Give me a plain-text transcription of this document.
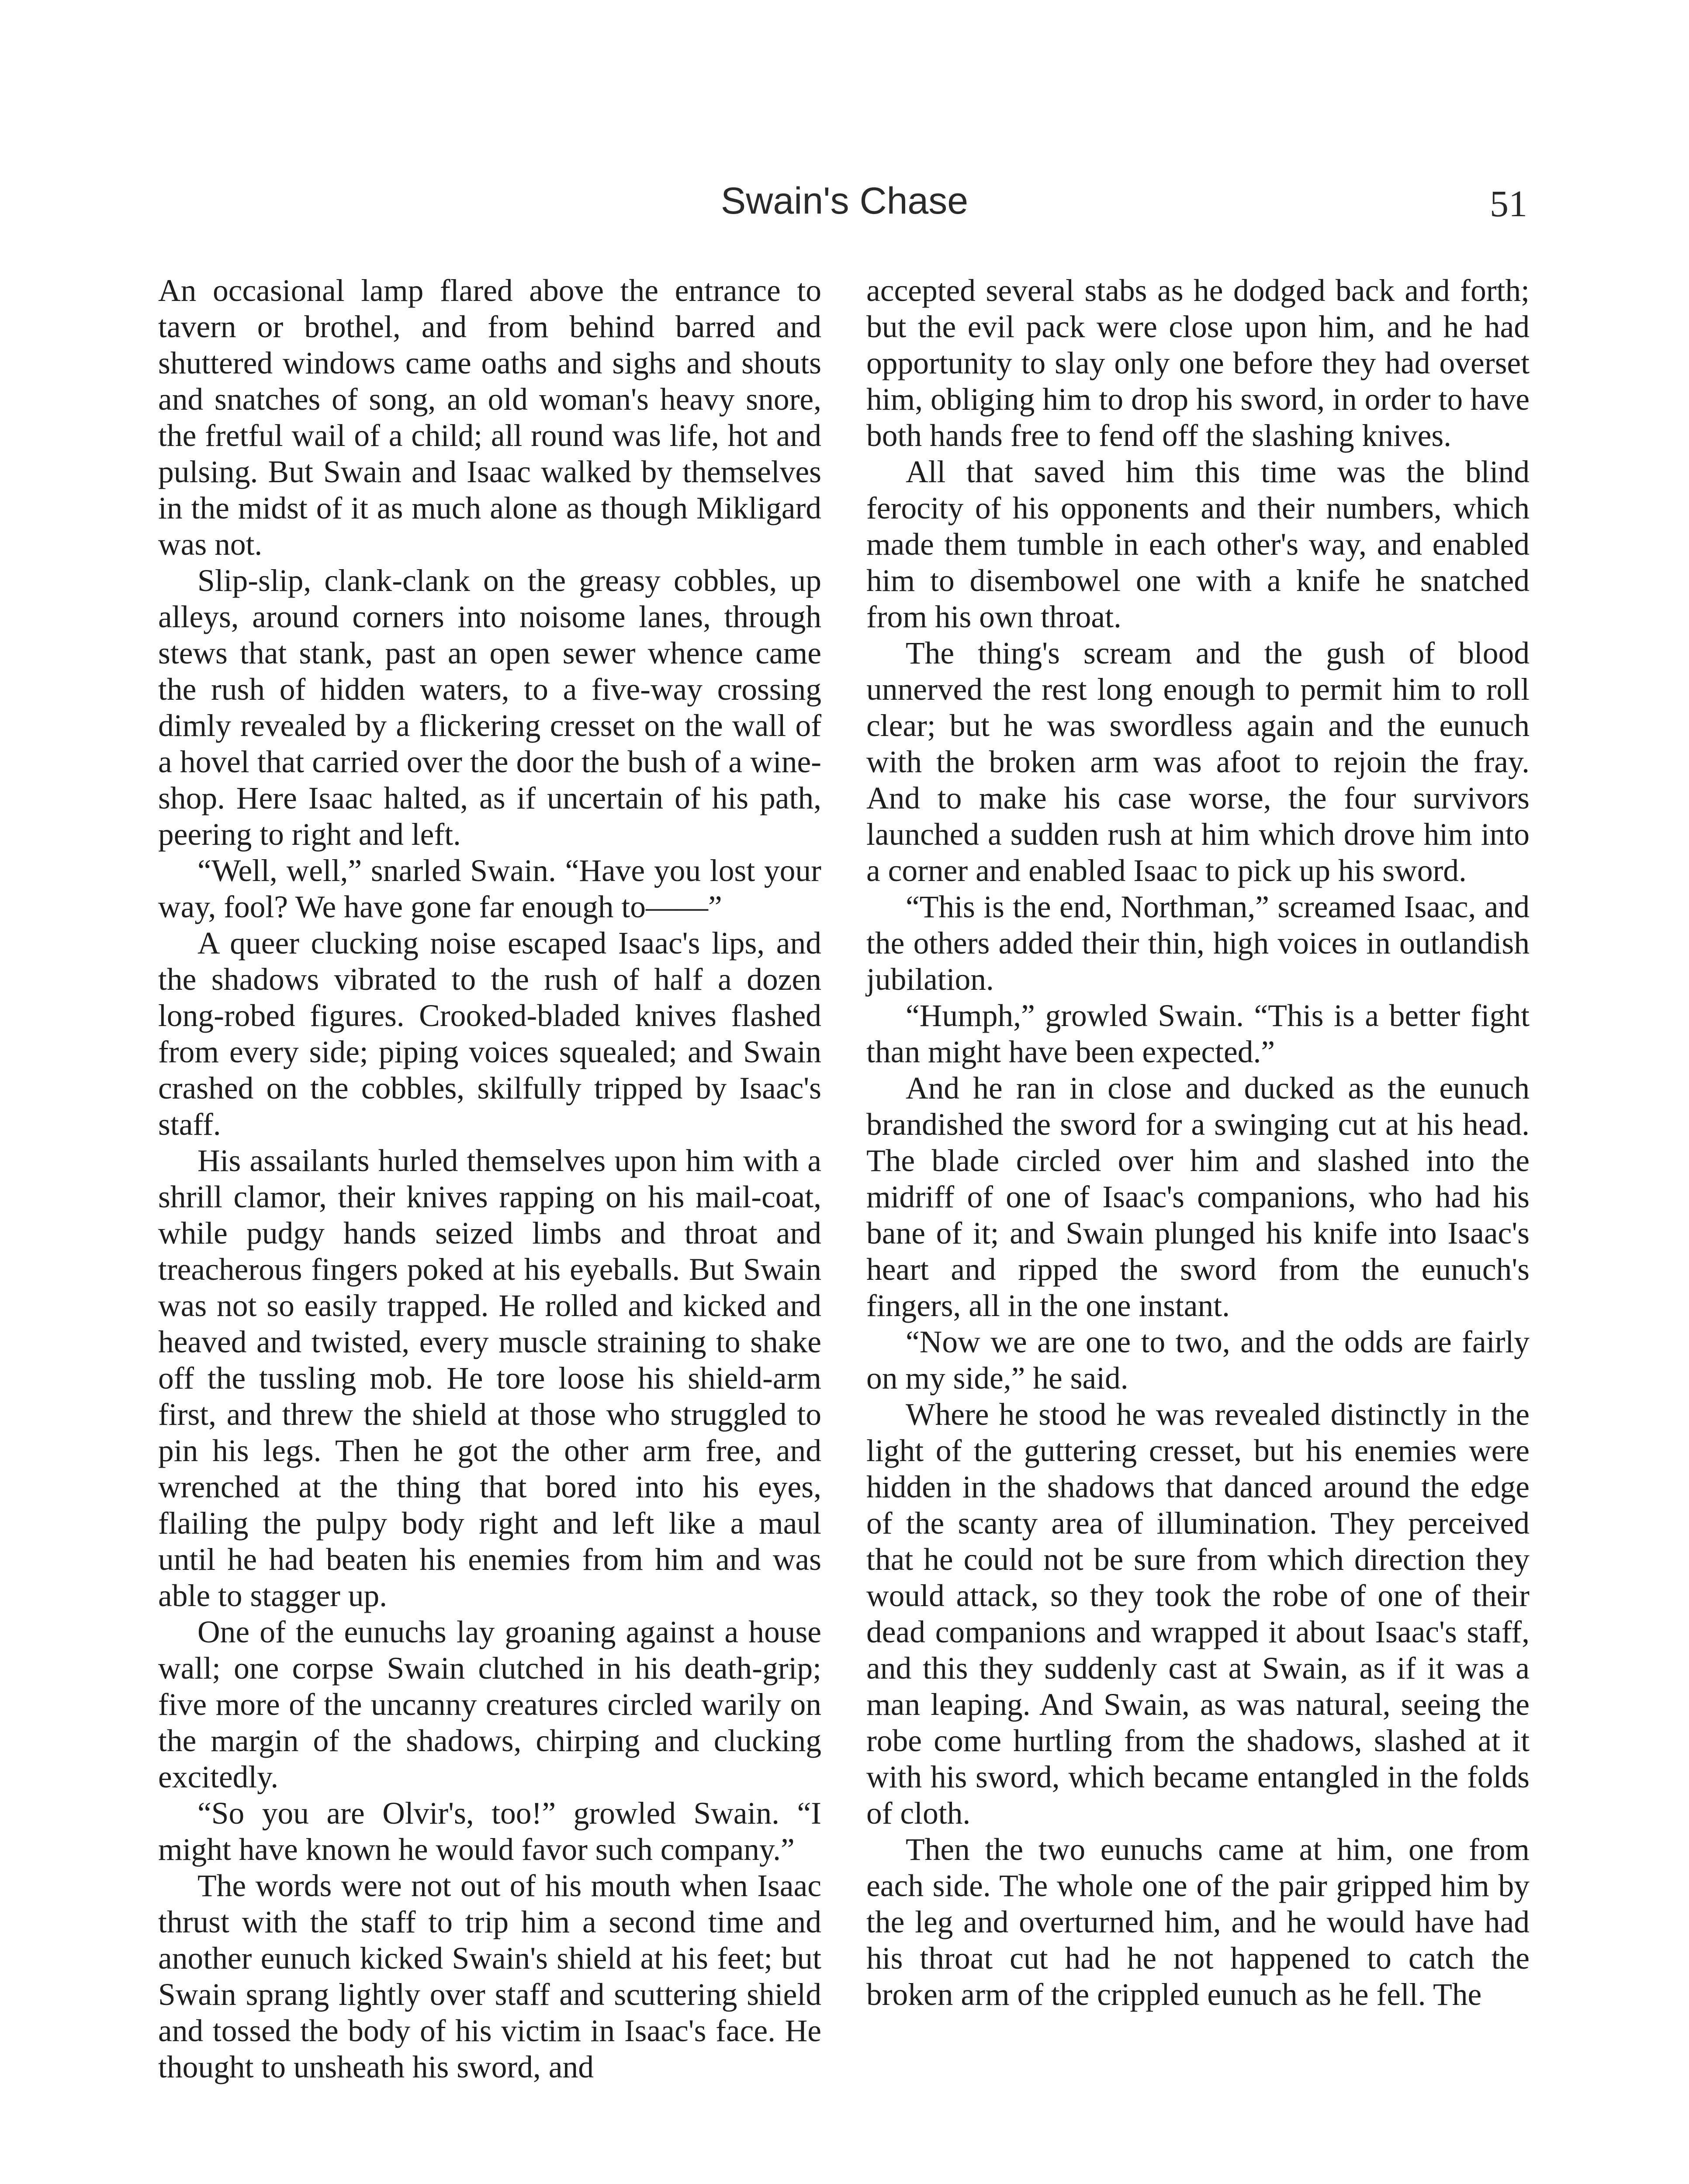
Swain's Chase	51

An occasional lamp flared above the entrance to tavern or brothel, and from behind barred and shuttered windows came oaths and sighs and shouts and snatches of song, an old woman's heavy snore, the fretful wail of a child; all round was life, hot and pulsing. But Swain and Isaac walked by themselves in the midst of it as much alone as though Mikligard was not.

Slip-slip, clank-clank on the greasy cobbles, up alleys, around corners into noisome lanes, through stews that stank, past an open sewer whence came the rush of hidden waters, to a five-way crossing dimly revealed by a flickering cresset on the wall of a hovel that carried over the door the bush of a wine-shop. Here Isaac halted, as if uncertain of his path, peering to right and left.

“Well, well,” snarled Swain. “Have you lost your way, fool? We have gone far enough to——”

A queer clucking noise escaped Isaac's lips, and the shadows vibrated to the rush of half a dozen long-robed figures. Crooked-bladed knives flashed from every side; piping voices squealed; and Swain crashed on the cobbles, skilfully tripped by Isaac's staff.

His assailants hurled themselves upon him with a shrill clamor, their knives rapping on his mail-coat, while pudgy hands seized limbs and throat and treacherous fingers poked at his eyeballs. But Swain was not so easily trapped. He rolled and kicked and heaved and twisted, every muscle straining to shake off the tussling mob. He tore loose his shield-arm first, and threw the shield at those who struggled to pin his legs. Then he got the other arm free, and wrenched at the thing that bored into his eyes, flailing the pulpy body right and left like a maul until he had beaten his enemies from him and was able to stagger up.

One of the eunuchs lay groaning against a house wall; one corpse Swain clutched in his death-grip; five more of the uncanny creatures circled warily on the margin of the shadows, chirping and clucking excitedly.

“So you are Olvir's, too!” growled Swain. “I might have known he would favor such company.”

The words were not out of his mouth when Isaac thrust with the staff to trip him a second time and another eunuch kicked Swain's shield at his feet; but Swain sprang lightly over staff and scuttering shield and tossed the body of his victim in Isaac's face. He thought to unsheath his sword, and

accepted several stabs as he dodged back and forth; but the evil pack were close upon him, and he had opportunity to slay only one before they had overset him, obliging him to drop his sword, in order to have both hands free to fend off the slashing knives.

All that saved him this time was the blind ferocity of his opponents and their numbers, which made them tumble in each other's way, and enabled him to disembowel one with a knife he snatched from his own throat.

The thing's scream and the gush of blood unnerved the rest long enough to permit him to roll clear; but he was swordless again and the eunuch with the broken arm was afoot to rejoin the fray. And to make his case worse, the four survivors launched a sudden rush at him which drove him into a corner and enabled Isaac to pick up his sword.

“This is the end, Northman,” screamed Isaac, and the others added their thin, high voices in outlandish jubilation.

“Humph,” growled Swain. “This is a better fight than might have been expected.”

And he ran in close and ducked as the eunuch brandished the sword for a swinging cut at his head. The blade circled over him and slashed into the midriff of one of Isaac's companions, who had his bane of it; and Swain plunged his knife into Isaac's heart and ripped the sword from the eunuch's fingers, all in the one instant.

“Now we are one to two, and the odds are fairly on my side,” he said.

Where he stood he was revealed distinctly in the light of the guttering cresset, but his enemies were hidden in the shadows that danced around the edge of the scanty area of illumination. They perceived that he could not be sure from which direction they would attack, so they took the robe of one of their dead companions and wrapped it about Isaac's staff, and this they suddenly cast at Swain, as if it was a man leaping. And Swain, as was natural, seeing the robe come hurtling from the shadows, slashed at it with his sword, which became entangled in the folds of cloth.

Then the two eunuchs came at him, one from each side. The whole one of the pair gripped him by the leg and overturned him, and he would have had his throat cut had he not happened to catch the broken arm of the crippled eunuch as he fell. The
